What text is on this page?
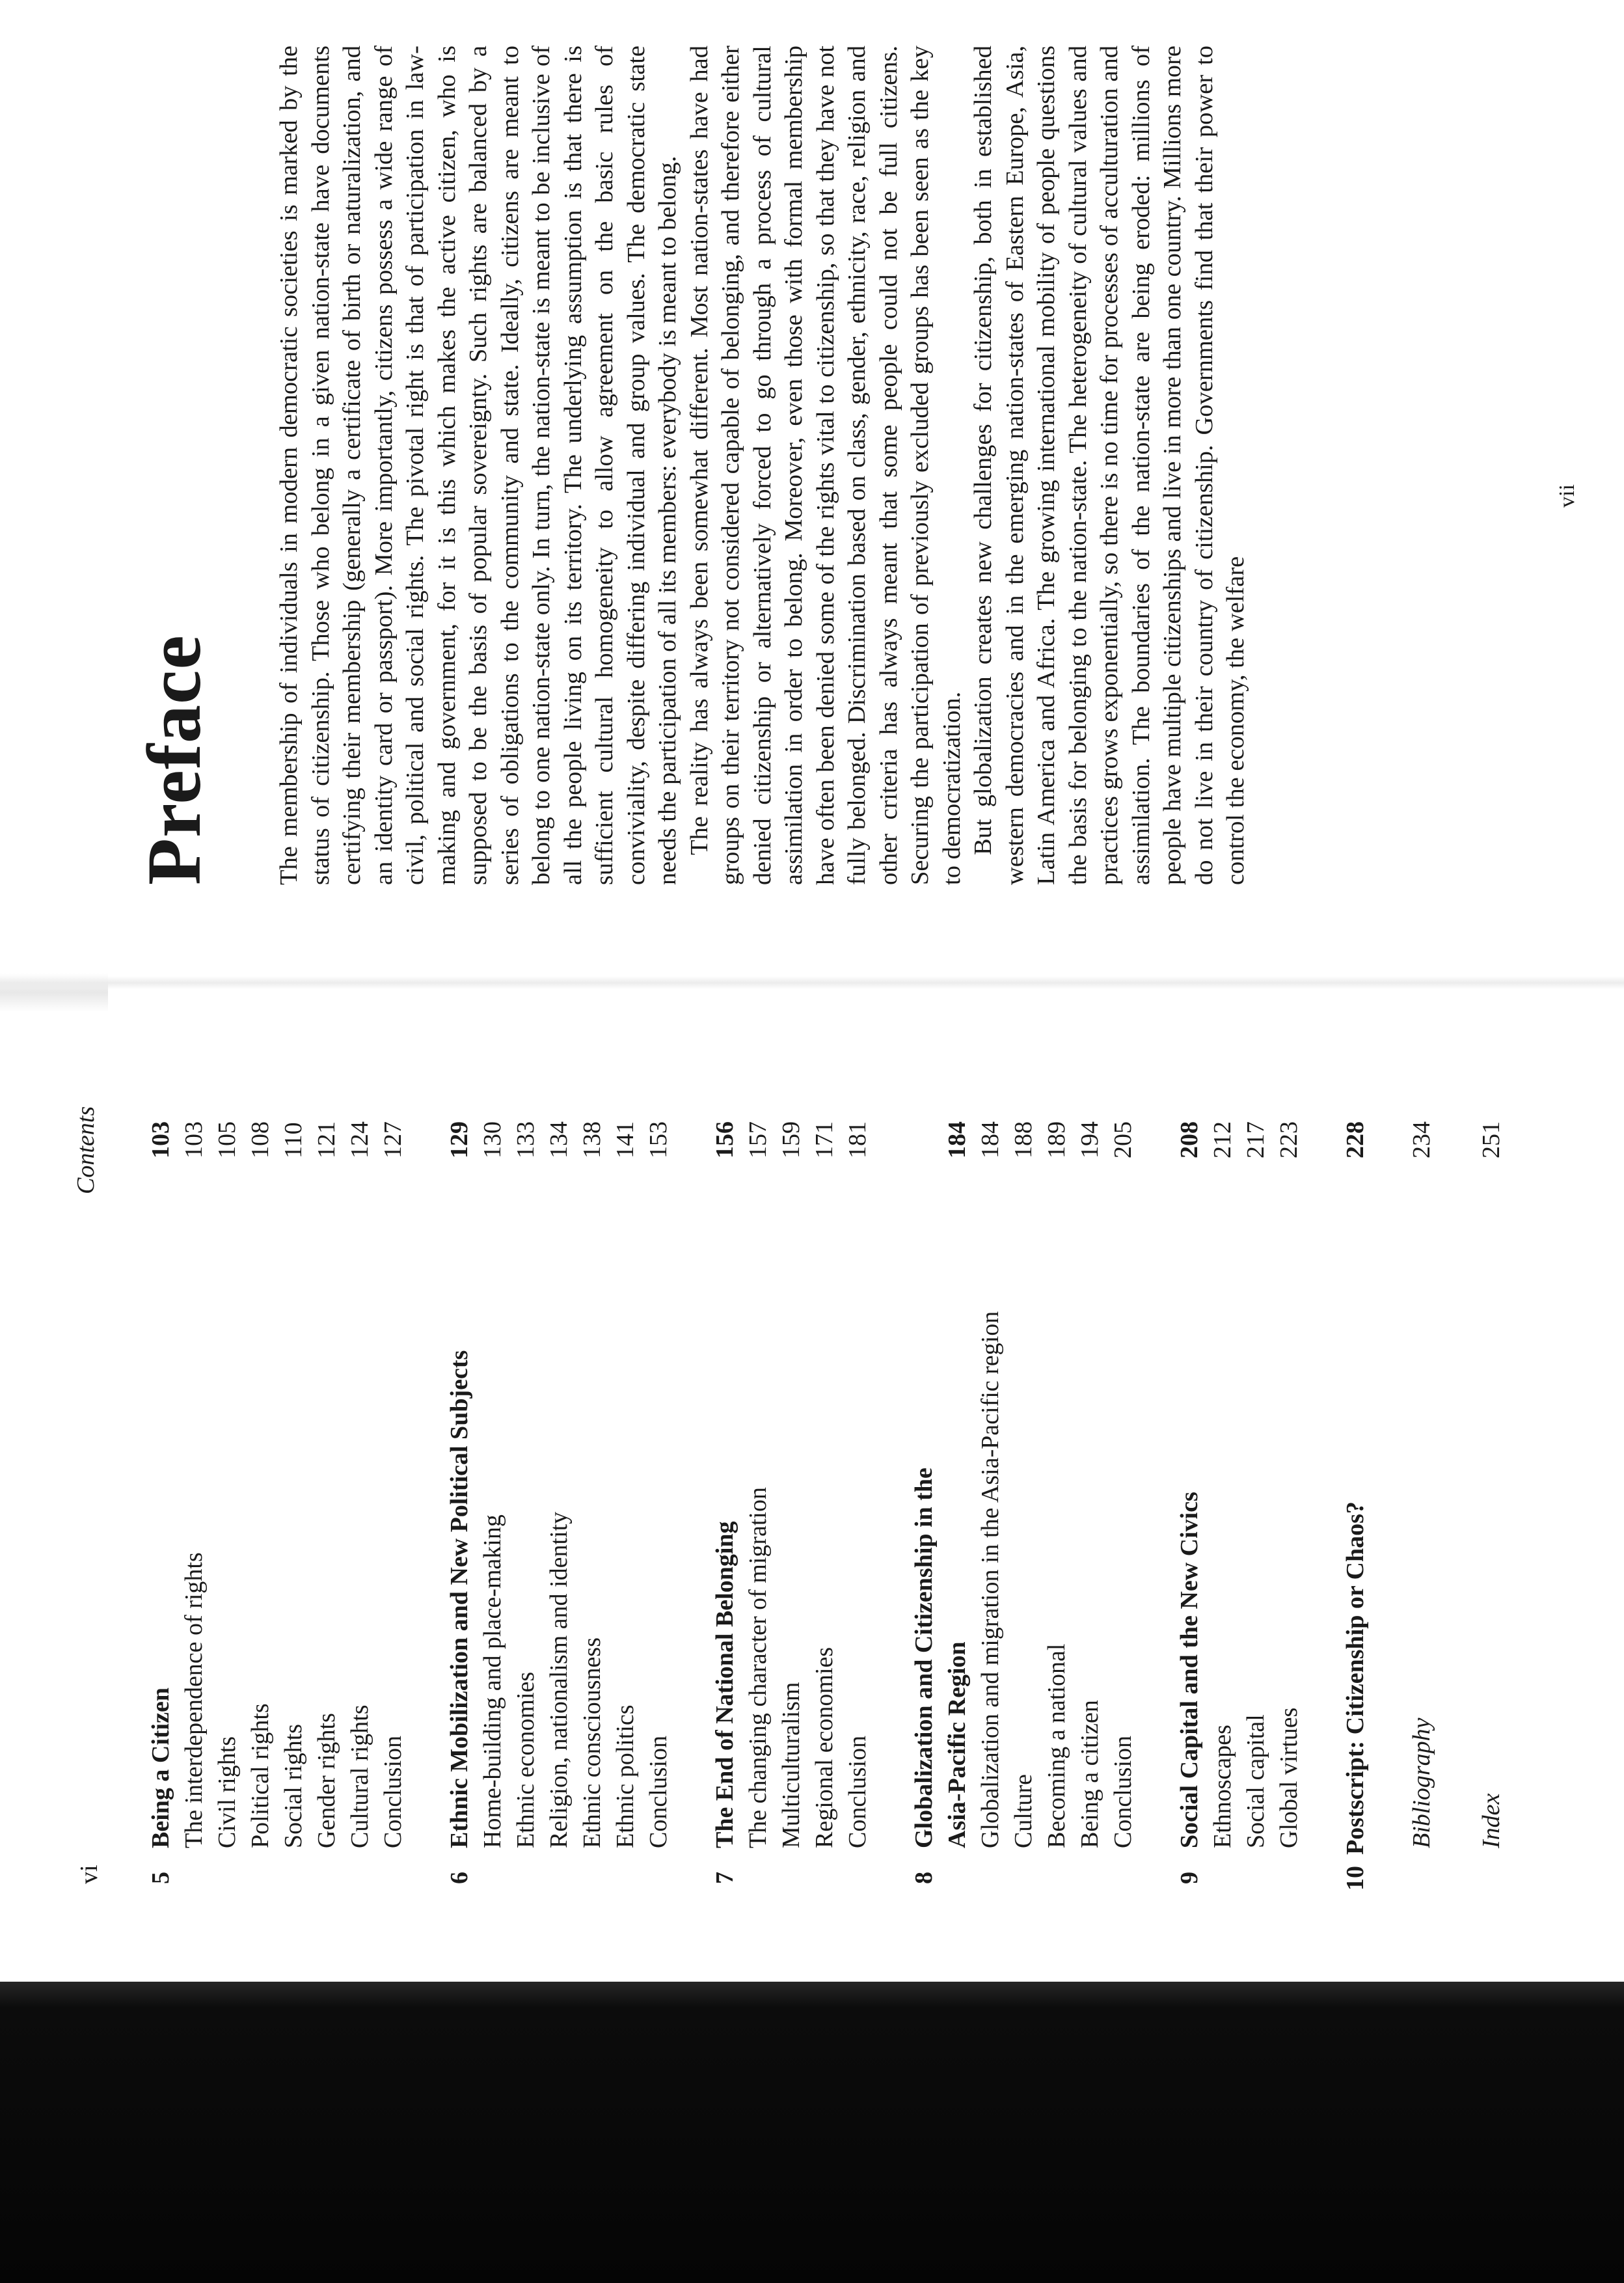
vi
Contents
5
Being a Citizen
103
The interdependence of rights
103
Civil rights
105
Political rights
108
Social rights
110
Gender rights
121
Cultural rights
124
Conclusion
127
6
Ethnic Mobilization and New Political Subjects
129
Home-building and place-making
130
Ethnic economies
133
Religion, nationalism and identity
134
Ethnic consciousness
138
Ethnic politics
141
Conclusion
153
7
The End of National Belonging
156
The changing character of migration
157
Multiculturalism
159
Regional economies
171
Conclusion
181
8
Globalization and Citizenship in the Asia-Pacific Region
184
Globalization and migration in the Asia-Pacific region
184
Culture
188
Becoming a national
189
Being a citizen
194
Conclusion
205
9
Social Capital and the New Civics
208
Ethnoscapes
212
Social capital
217
Global virtues
223
10
Postscript: Citizenship or Chaos?
228
Bibliography
234
Index
251
vii
Preface The membership of individuals in modern democratic societies is marked by the status of citizenship. Those who belong in a given nation-state have documents certifying their membership (generally a certificate of birth or naturalization, and an identity card or passport). More importantly, citizens possess a wide range of civil, political and social rights. The pivotal right is that of participation in law-making and government, for it is this which makes the active citizen, who is supposed to be the basis of popular sovereignty. Such rights are balanced by a series of obligations to the community and state. Ideally, citizens are meant to belong to one nation-state only. In turn, the nation-state is meant to be inclusive of all the people living on its territory. The underlying assumption is that there is sufficient cultural homogeneity to allow agreement on the basic rules of conviviality, despite differing individual and group values. The democratic state needs the participation of all its members: everybody is meant to belong. The reality has always been somewhat different. Most nation-states have had groups on their territory not considered capable of belonging, and therefore either denied citizenship or alternatively forced to go through a process of cultural assimilation in order to belong. Moreover, even those with formal membership have often been denied some of the rights vital to citizenship, so that they have not fully belonged. Discrimination based on class, gender, ethnicity, race, religion and other criteria has always meant that some people could not be full citizens. Securing the participation of previously excluded groups has been seen as the key to democratization. But globalization creates new challenges for citizenship, both in established western democracies and in the emerging nation-states of Eastern Europe, Asia, Latin America and Africa. The growing international mobility of people questions the basis for belonging to the nation-state. The heterogeneity of cultural values and practices grows exponentially, so there is no time for processes of acculturation and assimilation. The boundaries of the nation-state are being eroded: millions of people have multiple citizenships and live in more than one country. Millions more do not live in their country of citizenship. Governments find that their power to control the economy, the welfare
